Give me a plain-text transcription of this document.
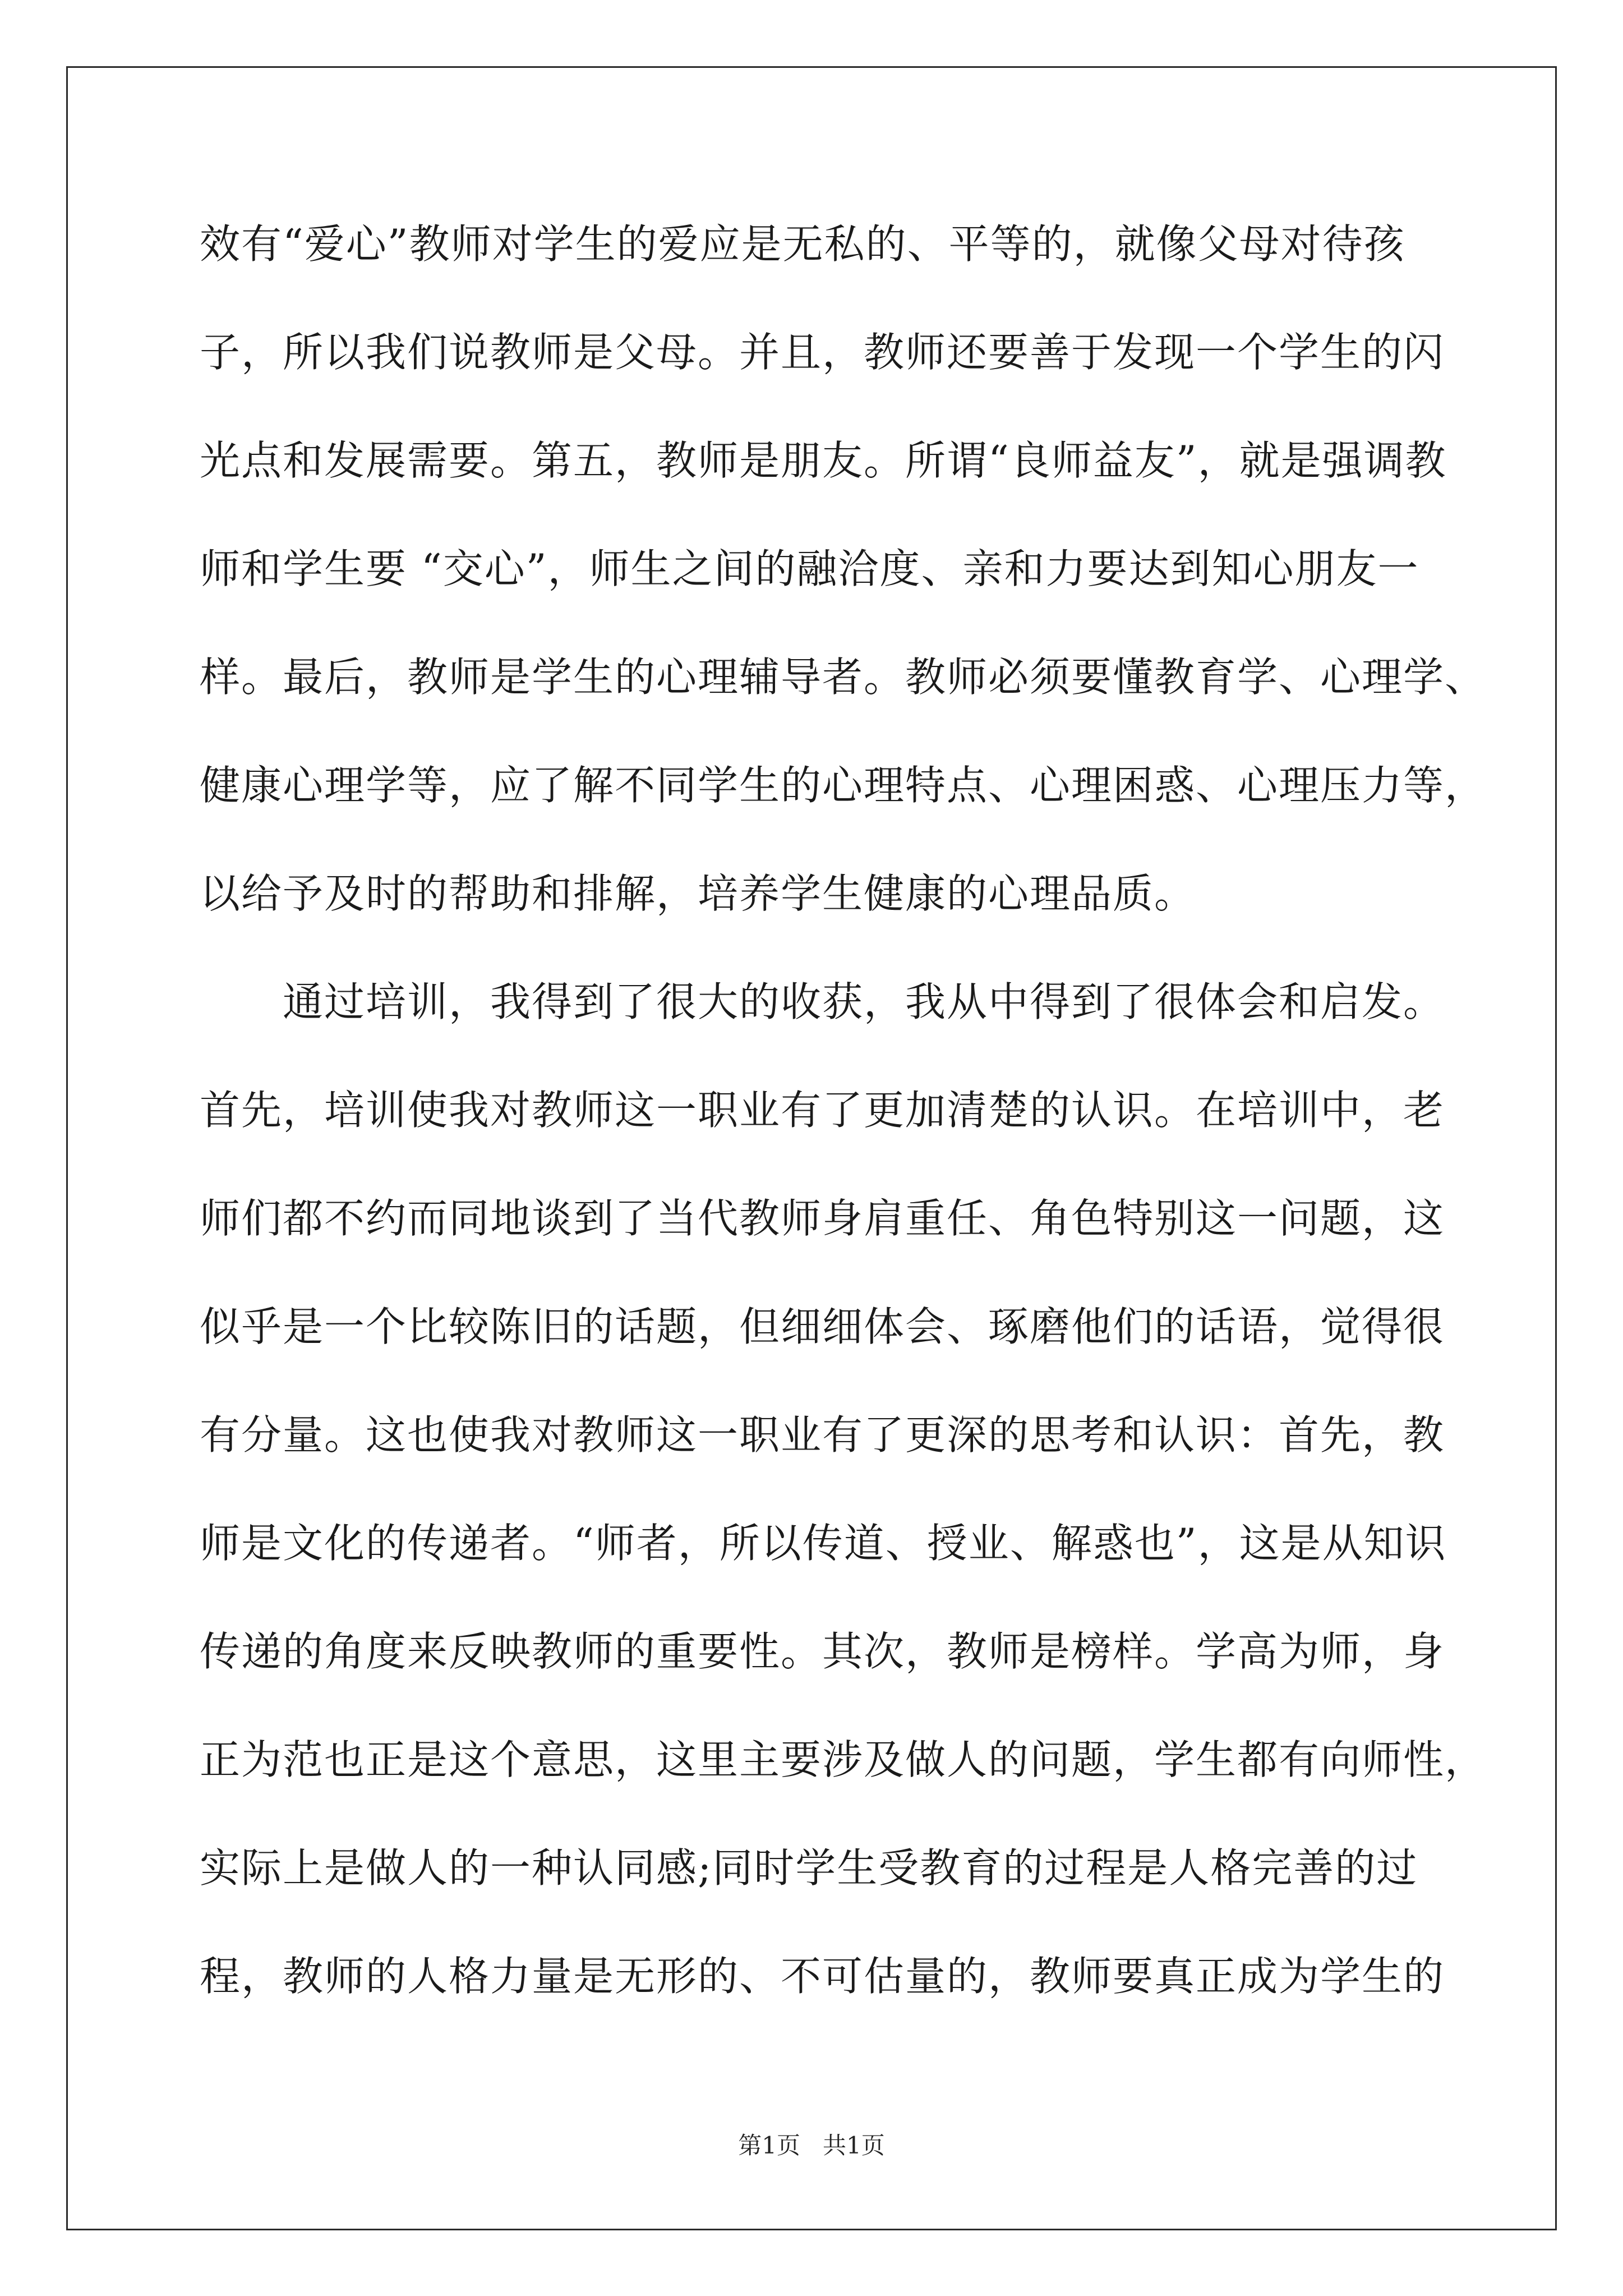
效有“爱心”教师对学生的爱应是无私的、平等的，就像父母对待孩
子，所以我们说教师是父母。并且，教师还要善于发现一个学生的闪
光点和发展需要。第五，教师是朋友。所谓“良师益友”，就是强调教
师和学生要 “交心”，师生之间的融洽度、亲和力要达到知心朋友一
样。最后，教师是学生的心理辅导者。教师必须要懂教育学、心理学、
健康心理学等，应了解不同学生的心理特点、心理困惑、心理压力等，
以给予及时的帮助和排解，培养学生健康的心理品质。
通过培训，我得到了很大的收获，我从中得到了很体会和启发。
首先，培训使我对教师这一职业有了更加清楚的认识。在培训中，老
师们都不约而同地谈到了当代教师身肩重任、角色特别这一问题，这
似乎是一个比较陈旧的话题，但细细体会、琢磨他们的话语，觉得很
有分量。这也使我对教师这一职业有了更深的思考和认识：首先，教
师是文化的传递者。“师者，所以传道、授业、解惑也”，这是从知识
传递的角度来反映教师的重要性。其次，教师是榜样。学高为师，身
正为范也正是这个意思，这里主要涉及做人的问题，学生都有向师性，
实际上是做人的一种认同感;同时学生受教育的过程是人格完善的过
程，教师的人格力量是无形的、不可估量的，教师要真正成为学生的
第1页 共1页
